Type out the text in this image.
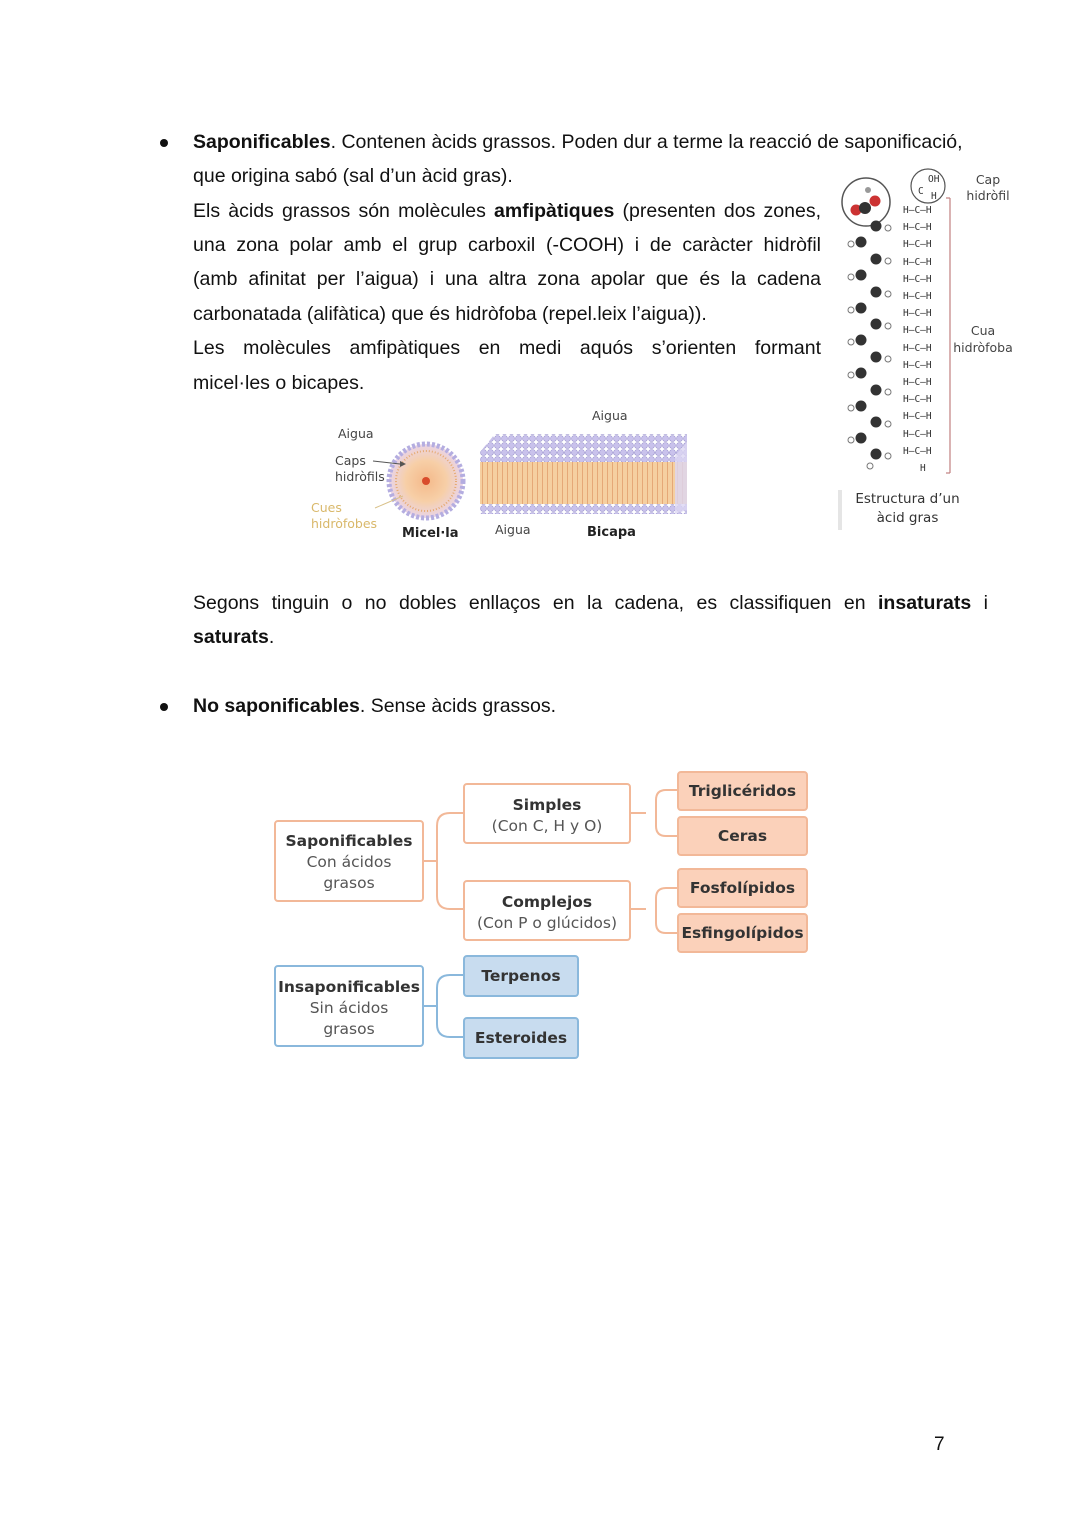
Saponificables. Contenen àcids grassos. Poden dur a terme la reacció de saponificació,
que origina sabó (sal d’un àcid gras).
Els àcids grassos són molècules amfipàtiques (presenten dos zones,
una zona polar amb el grup carboxil (-COOH) i de caràcter hidròfil
(amb afinitat per l’aigua) i una altra zona apolar que és la cadena
carbonatada (alifàtica) que és hidròfoba (repel.leix l’aigua)).
Les molècules amfipàtiques en medi aquós s’orienten formant
micel·les o bicapes.
OH
C H
H–C–H
H–C–H
H–C–H
H–C–H
H–C–H
H–C–H
H–C–H
H–C–H
H–C–H
H–C–H
H–C–H
H–C–H
H–C–H
H–C–H
H–C–H
H
Cap
hidròfil
Cua
hidròfoba
Estructura d’un
àcid gras
Aigua
Caps
hidròfils
Cues
hidròfobes
Micel·la
Aigua
Aigua	Bicapa
Segons tinguin o no dobles enllaços en la cadena, es classifiquen en insaturats i
saturats.
No saponificables. Sense àcids grassos.
Saponificables
Con ácidos
grasos
Simples
(Con C, H y O)
Complejos
(Con P o glúcidos)
Triglicéridos
Ceras
Fosfolípidos
Esfingolípidos
Insaponificables
Sin ácidos
grasos
Terpenos
Esteroides
7
